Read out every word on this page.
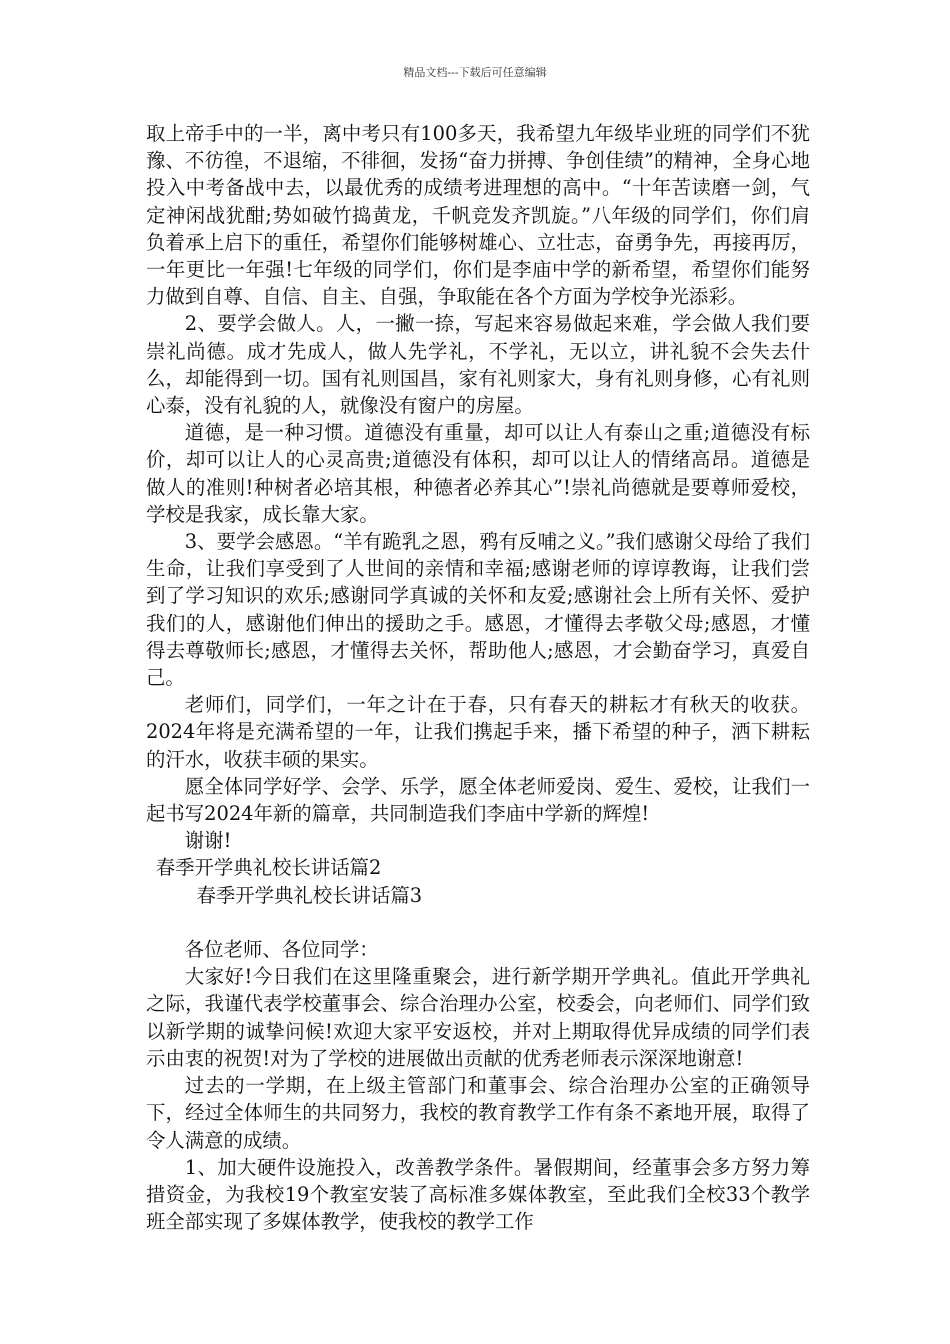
精品文档---下载后可任意编辑

取上帝手中的一半，离中考只有100多天，我希望九年级毕业班的同学们不犹豫、不彷徨，不退缩，不徘徊，发扬“奋力拼搏、争创佳绩”的精神，全身心地投入中考备战中去，以最优秀的成绩考进理想的高中。“十年苦读磨一剑，气定神闲战犹酣;势如破竹捣黄龙，千帆竞发齐凯旋。”八年级的同学们，你们肩负着承上启下的重任，希望你们能够树雄心、立壮志，奋勇争先，再接再厉，一年更比一年强!七年级的同学们，你们是李庙中学的新希望，希望你们能努力做到自尊、自信、自主、自强，争取能在各个方面为学校争光添彩。

2、要学会做人。人，一撇一捺，写起来容易做起来难，学会做人我们要崇礼尚德。成才先成人，做人先学礼，不学礼，无以立，讲礼貌不会失去什么，却能得到一切。国有礼则国昌，家有礼则家大，身有礼则身修，心有礼则心泰，没有礼貌的人，就像没有窗户的房屋。

道德，是一种习惯。道德没有重量，却可以让人有泰山之重;道德没有标价，却可以让人的心灵高贵;道德没有体积，却可以让人的情绪高昂。道德是做人的准则!种树者必培其根，种德者必养其心”!崇礼尚德就是要尊师爱校，学校是我家，成长靠大家。

3、要学会感恩。“羊有跪乳之恩，鸦有反哺之义。”我们感谢父母给了我们生命，让我们享受到了人世间的亲情和幸福;感谢老师的谆谆教诲，让我们尝到了学习知识的欢乐;感谢同学真诚的关怀和友爱;感谢社会上所有关怀、爱护我们的人，感谢他们伸出的援助之手。感恩，才懂得去孝敬父母;感恩，才懂得去尊敬师长;感恩，才懂得去关怀，帮助他人;感恩，才会勤奋学习，真爱自己。

老师们，同学们，一年之计在于春，只有春天的耕耘才有秋天的收获。2024年将是充满希望的一年，让我们携起手来，播下希望的种子，洒下耕耘的汗水，收获丰硕的果实。

愿全体同学好学、会学、乐学，愿全体老师爱岗、爱生、爱校，让我们一起书写2024年新的篇章，共同制造我们李庙中学新的辉煌!

谢谢!

春季开学典礼校长讲话篇2

春季开学典礼校长讲话篇3

各位老师、各位同学：

大家好!今日我们在这里隆重聚会，进行新学期开学典礼。值此开学典礼之际，我谨代表学校董事会、综合治理办公室，校委会，向老师们、同学们致以新学期的诚挚问候!欢迎大家平安返校，并对上期取得优异成绩的同学们表示由衷的祝贺!对为了学校的进展做出贡献的优秀老师表示深深地谢意!

过去的一学期，在上级主管部门和董事会、综合治理办公室的正确领导下，经过全体师生的共同努力，我校的教育教学工作有条不紊地开展，取得了令人满意的成绩。

1、加大硬件设施投入，改善教学条件。暑假期间，经董事会多方努力筹措资金，为我校19个教室安装了高标准多媒体教室，至此我们全校33个教学班全部实现了多媒体教学，使我校的教学工作
